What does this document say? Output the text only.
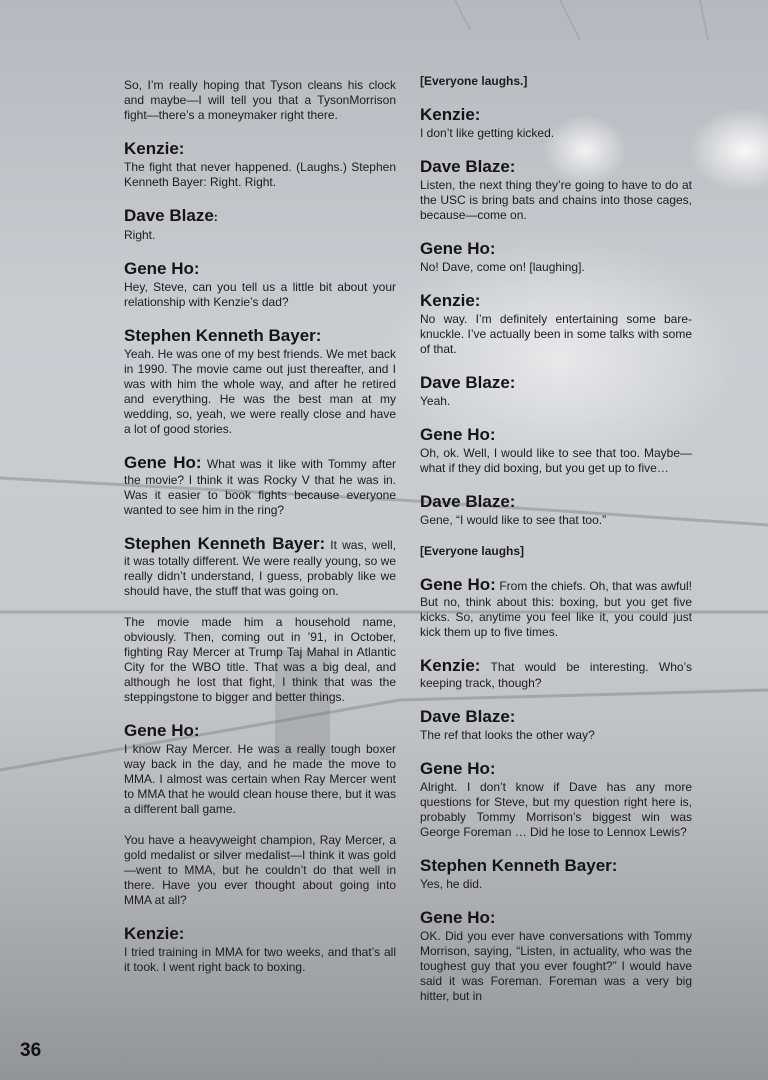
So, I’m really hoping that Tyson cleans his clock and maybe—I will tell you that a TysonMorrison fight—there’s a moneymaker right there.

Kenzie:

The fight that never happened. (Laughs.) Stephen Kenneth Bayer: Right. Right.

Dave Blaze:

Right.

Gene Ho:

Hey, Steve, can you tell us a little bit about your relationship with Kenzie’s dad?

Stephen Kenneth Bayer:

Yeah. He was one of my best friends. We met back in 1990. The movie came out just thereafter, and I was with him the whole way, and after he retired and everything. He was the best man at my wedding, so, yeah, we were really close and have a lot of good stories.

Gene Ho: What was it like with Tommy after the movie? I think it was Rocky V that he was in. Was it easier to book fights because everyone wanted to see him in the ring?

Stephen Kenneth Bayer: It was, well, it was totally different. We were really young, so we really didn’t understand, I guess, probably like we should have, the stuff that was going on.

The movie made him a household name, obviously. Then, coming out in ’91, in October, fighting Ray Mercer at Trump Taj Mahal in Atlantic City for the WBO title. That was a big deal, and although he lost that fight, I think that was the steppingstone to bigger and better things.

Gene Ho:

I know Ray Mercer. He was a really tough boxer way back in the day, and he made the move to MMA. I almost was certain when Ray Mercer went to MMA that he would clean house there, but it was a different ball game.

You have a heavyweight champion, Ray Mercer, a gold medalist or silver medalist—I think it was gold—went to MMA, but he couldn’t do that well in there. Have you ever thought about going into MMA at all?

Kenzie:

I tried training in MMA for two weeks, and that’s all it took. I went right back to boxing.

[Everyone laughs.]

Kenzie:

I don’t like getting kicked.

Dave Blaze:

Listen, the next thing they’re going to have to do at the USC is bring bats and chains into those cages, because—come on.

Gene Ho:

No! Dave, come on! [laughing].

Kenzie:

No way. I’m definitely entertaining some bare-knuckle. I’ve actually been in some talks with some of that.

Dave Blaze:

Yeah.

Gene Ho:

Oh, ok. Well, I would like to see that too. Maybe—what if they did boxing, but you get up to five…

Dave Blaze:

Gene, “I would like to see that too.”

[Everyone laughs]

Gene Ho: From the chiefs. Oh, that was awful! But no, think about this: boxing, but you get five kicks. So, anytime you feel like it, you could just kick them up to five times.

Kenzie: That would be interesting. Who’s keeping track, though?

Dave Blaze:

The ref that looks the other way?

Gene Ho:

Alright. I don’t know if Dave has any more questions for Steve, but my question right here is, probably Tommy Morrison’s biggest win was George Foreman … Did he lose to Lennox Lewis?

Stephen Kenneth Bayer:

Yes, he did.

Gene Ho:

OK. Did you ever have conversations with Tommy Morrison, saying, “Listen, in actuality, who was the toughest guy that you ever fought?” I would have said it was Foreman. Foreman was a very big hitter, but in

36
